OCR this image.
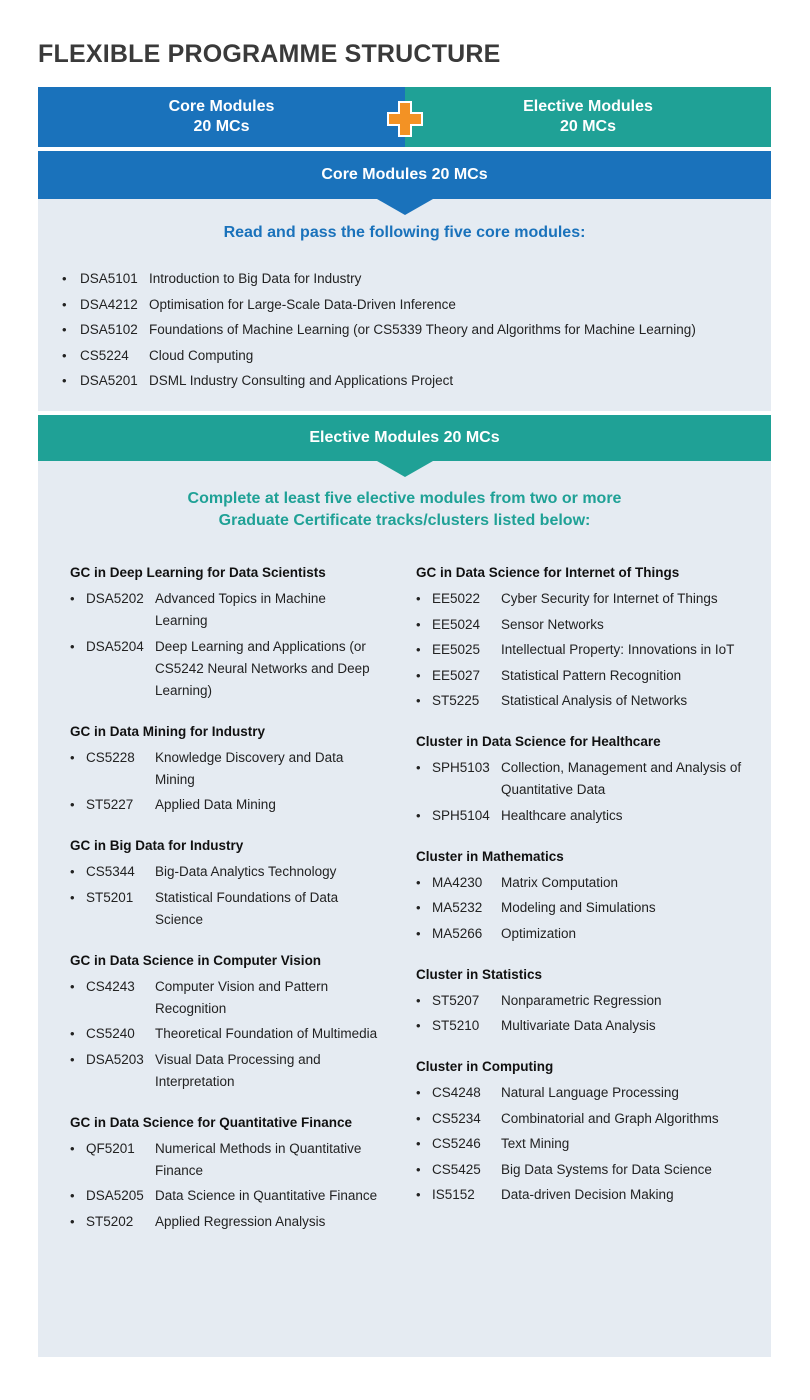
FLEXIBLE PROGRAMME STRUCTURE
Core Modules
20 MCs
Elective Modules
20 MCs
Core Modules 20 MCs
Read and pass the following five core modules:
• DSA5101 Introduction to Big Data for Industry
• DSA4212 Optimisation for Large-Scale Data-Driven Inference
• DSA5102 Foundations of Machine Learning (or CS5339 Theory and Algorithms for Machine Learning)
• CS5224	Cloud Computing
• DSA5201 DSML Industry Consulting and Applications Project
Elective Modules 20 MCs
Complete at least five elective modules from two or more
Graduate Certificate tracks/clusters listed below:
GC in Deep Learning for Data Scientists
• DSA5202 Advanced Topics in Machine Learning
• DSA5204 Deep Learning and Applications (or CS5242 Neural Networks and Deep Learning)
GC in Data Mining for Industry
• CS5228	Knowledge Discovery and Data Mining
• ST5227	Applied Data Mining
GC in Big Data for Industry
• CS5344	Big-Data Analytics Technology
• ST5201	Statistical Foundations of Data Science
GC in Data Science in Computer Vision
• CS4243	Computer Vision and Pattern Recognition
• CS5240	Theoretical Foundation of Multimedia
• DSA5203 Visual Data Processing and Interpretation
GC in Data Science for Quantitative Finance
• QF5201	Numerical Methods in Quantitative Finance
• DSA5205 Data Science in Quantitative Finance
• ST5202	Applied Regression Analysis
GC in Data Science for Internet of Things
• EE5022	Cyber Security for Internet of Things
• EE5024	Sensor Networks
• EE5025	Intellectual Property: Innovations in IoT
• EE5027	Statistical Pattern Recognition
• ST5225	Statistical Analysis of Networks
Cluster in Data Science for Healthcare
• SPH5103 Collection, Management and Analysis of Quantitative Data
• SPH5104 Healthcare analytics
Cluster in Mathematics
• MA4230	Matrix Computation
• MA5232	Modeling and Simulations
• MA5266	Optimization
Cluster in Statistics
• ST5207	Nonparametric Regression
• ST5210	Multivariate Data Analysis
Cluster in Computing
• CS4248	Natural Language Processing
• CS5234	Combinatorial and Graph Algorithms
• CS5246	Text Mining
• CS5425	Big Data Systems for Data Science
• IS5152	Data-driven Decision Making
